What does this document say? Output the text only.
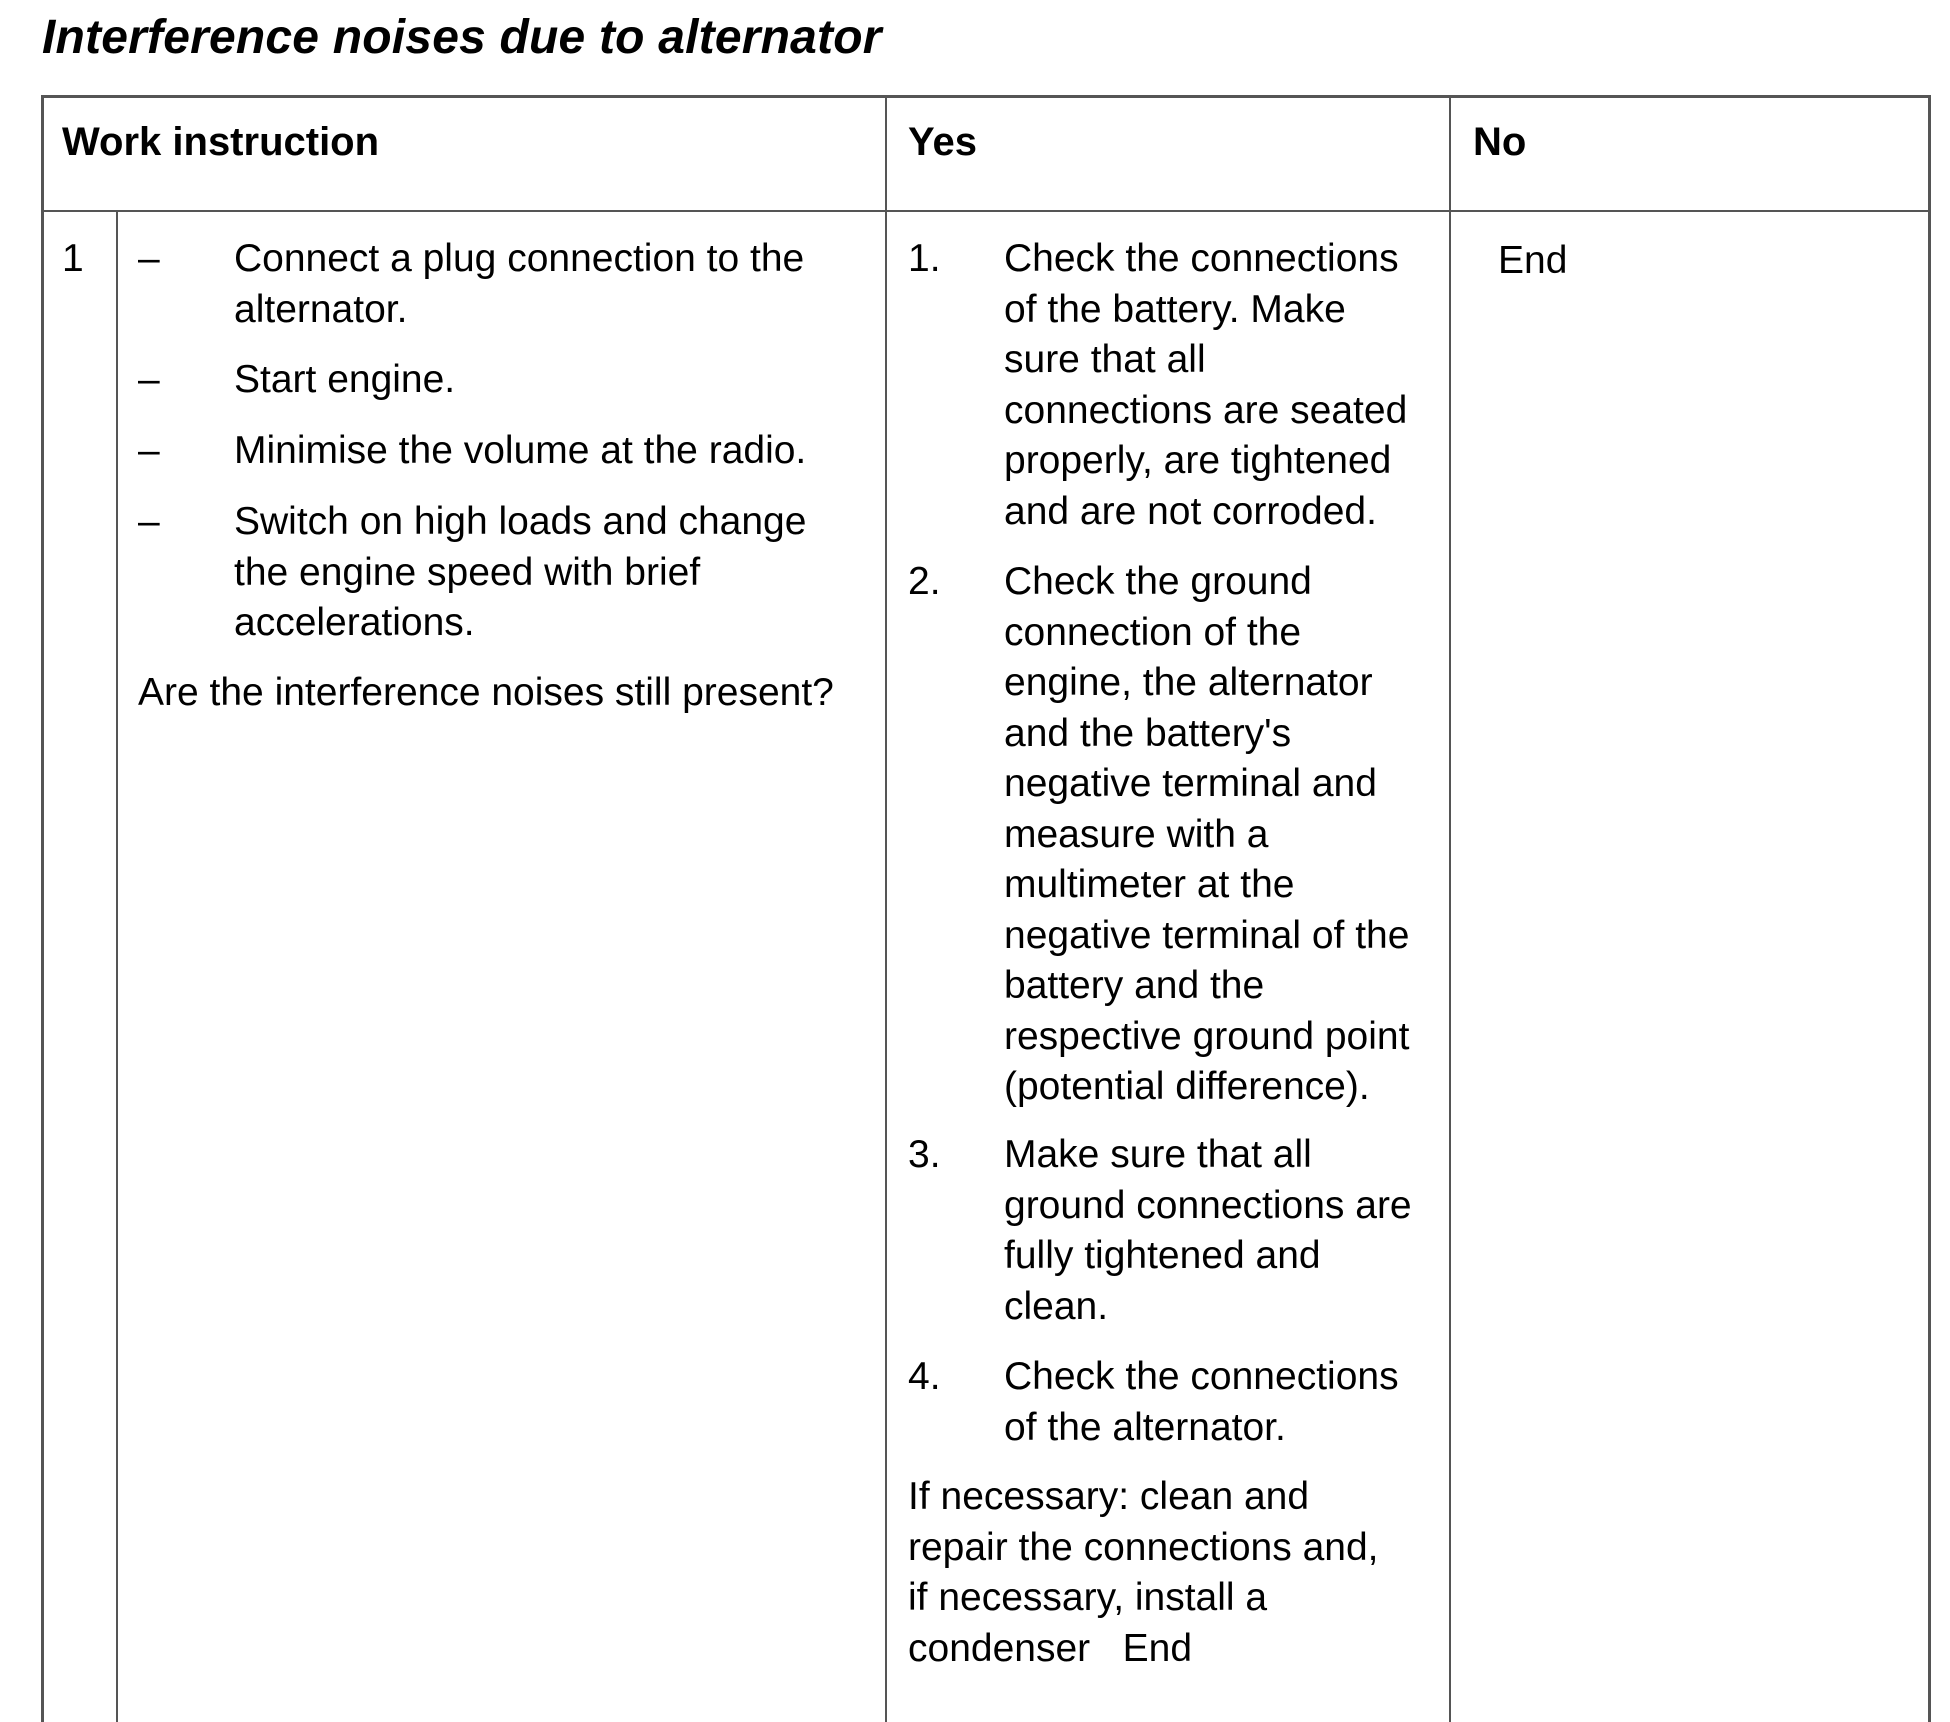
Interference noises due to alternator
Work instruction	Yes	No
1 – Connect a plug connection to the
alternator.
– Start engine.
– Minimise the volume at the radio.
– Switch on high loads and change
the engine speed with brief
accelerations.
Are the interference noises still present?
1. Check the connections
of the battery. Make
sure that all
connections are seated
properly, are tightened
and are not corroded.
2. Check the ground
connection of the
engine, the alternator
and the battery's
negative terminal and
measure with a
multimeter at the
negative terminal of the
battery and the
respective ground point
(potential difference).
3. Make sure that all
ground connections are
fully tightened and
clean.
4. Check the connections
of the alternator.
If necessary: clean and
repair the connections and,
if necessary, install a
condenser   End
End
